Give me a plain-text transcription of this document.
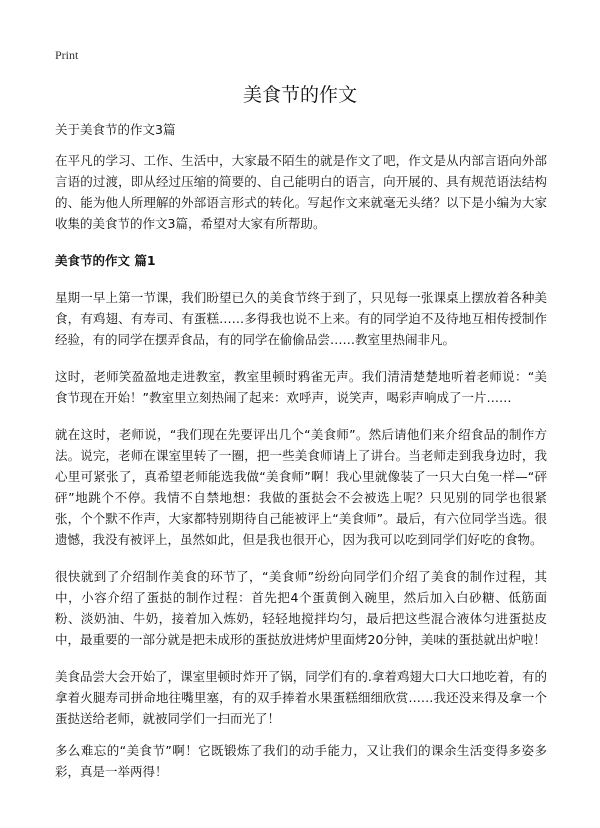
Print
美食节的作文
关于美食节的作文3篇

在平凡的学习、工作、生活中，大家最不陌生的就是作文了吧，作文是从内部言语向外部言语的过渡，即从经过压缩的简要的、自己能明白的语言，向开展的、具有规范语法结构的、能为他人所理解的外部语言形式的转化。写起作文来就毫无头绪？以下是小编为大家收集的美食节的作文3篇，希望对大家有所帮助。

美食节的作文 篇1

星期一早上第一节课，我们盼望已久的美食节终于到了，只见每一张课桌上摆放着各种美食，有鸡翅、有寿司、有蛋糕……多得我也说不上来。有的同学迫不及待地互相传授制作经验，有的同学在摆弄食品，有的同学在偷偷品尝……教室里热闹非凡。

这时，老师笑盈盈地走进教室，教室里顿时鸦雀无声。我们清清楚楚地听着老师说：“美食节现在开始！”教室里立刻热闹了起来：欢呼声，说笑声，喝彩声响成了一片……

就在这时，老师说，“我们现在先要评出几个“美食师”。然后请他们来介绍食品的制作方法。说完，老师在课室里转了一圈，把一些美食师请上了讲台。当老师走到我身边时，我心里可紧张了，真希望老师能选我做“美食师”啊！我心里就像装了一只大白兔一样—“砰砰”地跳个不停。我情不自禁地想：我做的蛋挞会不会被选上呢？只见别的同学也很紧张，个个默不作声，大家都特别期待自己能被评上“美食师”。最后，有六位同学当选。很遗憾，我没有被评上，虽然如此，但是我也很开心，因为我可以吃到同学们好吃的食物。

很快就到了介绍制作美食的环节了，“美食师”纷纷向同学们介绍了美食的制作过程，其中，小容介绍了蛋挞的制作过程：首先把4个蛋黄倒入碗里，然后加入白砂糖、低筋面粉、淡奶油、牛奶，接着加入炼奶，轻轻地搅拌均匀，最后把这些混合液体匀进蛋挞皮中，最重要的一部分就是把未成形的蛋挞放进烤炉里面烤20分钟，美味的蛋挞就出炉啦！

美食品尝大会开始了，课室里顿时炸开了锅，同学们有的.拿着鸡翅大口大口地吃着，有的拿着火腿寿司拼命地往嘴里塞，有的双手捧着水果蛋糕细细欣赏……我还没来得及拿一个蛋挞送给老师，就被同学们一扫而光了！

多么难忘的“美食节”啊！它既锻炼了我们的动手能力，又让我们的课余生活变得多姿多彩，真是一举两得！
